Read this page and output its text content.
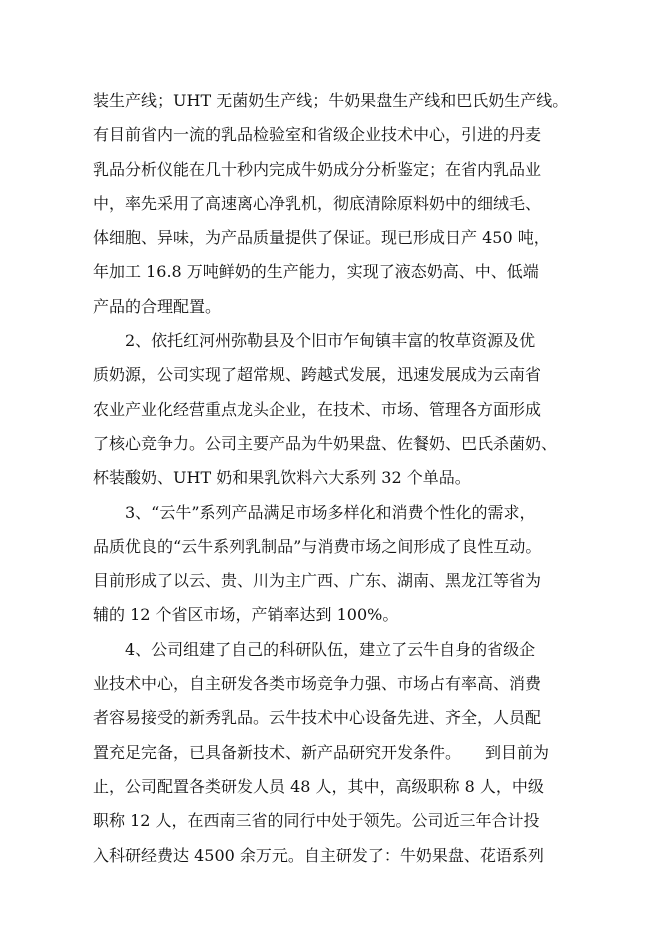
装生产线；UHT 无菌奶生产线；牛奶果盘生产线和巴氏奶生产线。
有目前省内一流的乳品检验室和省级企业技术中心，引进的丹麦
乳品分析仪能在几十秒内完成牛奶成分分析鉴定；在省内乳品业
中，率先采用了高速离心净乳机，彻底清除原料奶中的细绒毛、
体细胞、异味，为产品质量提供了保证。现已形成日产 450 吨，
年加工 16.8 万吨鲜奶的生产能力，实现了液态奶高、中、低端
产品的合理配置。
2、依托红河州弥勒县及个旧市乍甸镇丰富的牧草资源及优
质奶源，公司实现了超常规、跨越式发展，迅速发展成为云南省
农业产业化经营重点龙头企业，在技术、市场、管理各方面形成
了核心竞争力。公司主要产品为牛奶果盘、佐餐奶、巴氏杀菌奶、
杯装酸奶、UHT 奶和果乳饮料六大系列 32 个单品。
3、“云牛”系列产品满足市场多样化和消费个性化的需求，
品质优良的“云牛系列乳制品”与消费市场之间形成了良性互动。
目前形成了以云、贵、川为主广西、广东、湖南、黑龙江等省为
辅的 12 个省区市场，产销率达到 100%。
4、公司组建了自己的科研队伍，建立了云牛自身的省级企
业技术中心，自主研发各类市场竞争力强、市场占有率高、消费
者容易接受的新秀乳品。云牛技术中心设备先进、齐全，人员配
置充足完备，已具备新技术、新产品研究开发条件。　　到目前为
止，公司配置各类研发人员 48 人，其中，高级职称 8 人，中级
职称 12 人，在西南三省的同行中处于领先。公司近三年合计投
入科研经费达 4500 余万元。自主研发了：牛奶果盘、花语系列
